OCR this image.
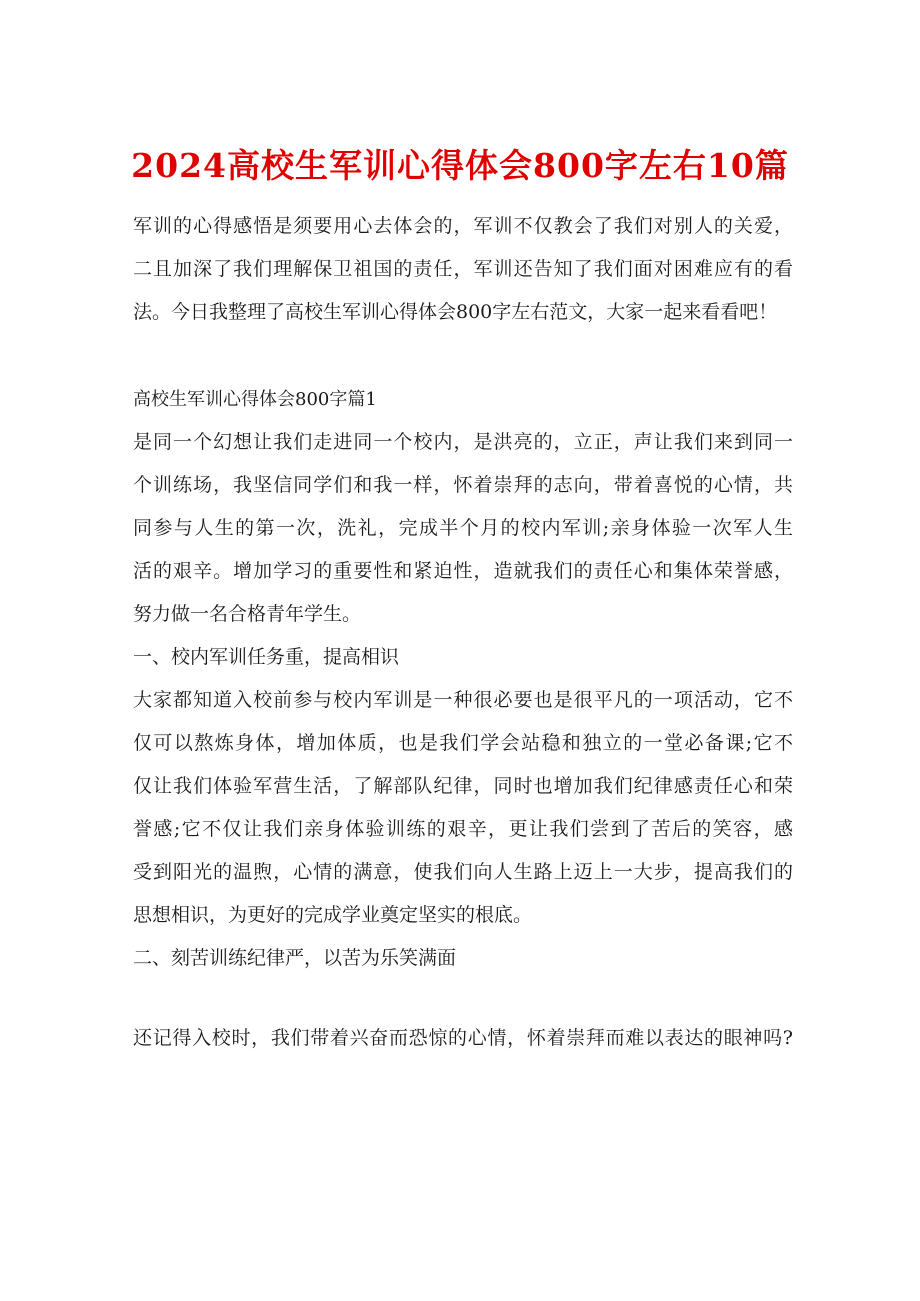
2024高校生军训心得体会800字左右10篇
军训的心得感悟是须要用心去体会的，军训不仅教会了我们对别人的关爱，
二且加深了我们理解保卫祖国的责任，军训还告知了我们面对困难应有的看
法。今日我整理了高校生军训心得体会800字左右范文，大家一起来看看吧！
高校生军训心得体会800字篇1
是同一个幻想让我们走进同一个校内，是洪亮的，立正，声让我们来到同一
个训练场，我坚信同学们和我一样，怀着崇拜的志向，带着喜悦的心情，共
同参与人生的第一次，洗礼，完成半个月的校内军训;亲身体验一次军人生
活的艰辛。增加学习的重要性和紧迫性，造就我们的责任心和集体荣誉感，
努力做一名合格青年学生。
一、校内军训任务重，提高相识
大家都知道入校前参与校内军训是一种很必要也是很平凡的一项活动，它不
仅可以熬炼身体，增加体质，也是我们学会站稳和独立的一堂必备课;它不
仅让我们体验军营生活，了解部队纪律，同时也增加我们纪律感责任心和荣
誉感;它不仅让我们亲身体验训练的艰辛，更让我们尝到了苦后的笑容，感
受到阳光的温煦，心情的满意，使我们向人生路上迈上一大步，提高我们的
思想相识，为更好的完成学业奠定坚实的根底。
二、刻苦训练纪律严，以苦为乐笑满面
还记得入校时，我们带着兴奋而恐惊的心情，怀着崇拜而难以表达的眼神吗?
